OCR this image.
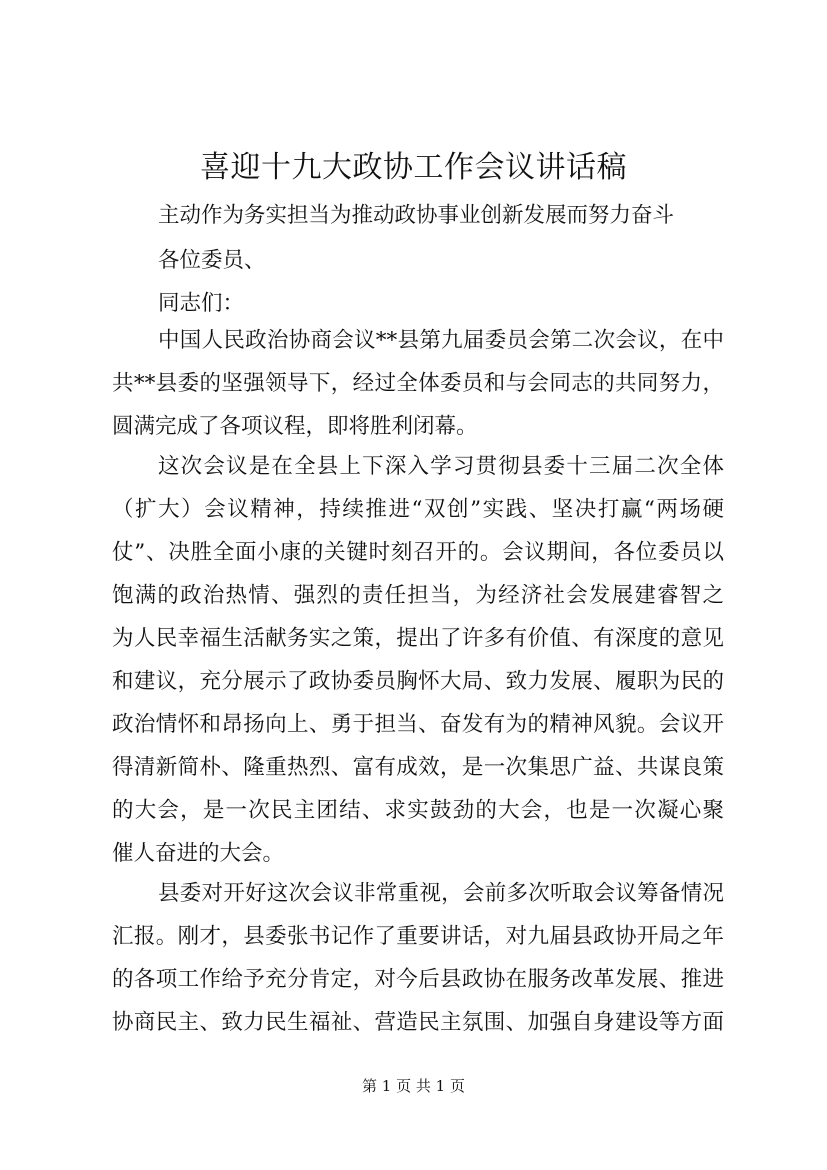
喜迎十九大政协工作会议讲话稿

主动作为务实担当为推动政协事业创新发展而努力奋斗

各位委员、

同志们：

中国人民政治协商会议**县第九届委员会第二次会议，在中

共**县委的坚强领导下，经过全体委员和与会同志的共同努力，

圆满完成了各项议程，即将胜利闭幕。

这次会议是在全县上下深入学习贯彻县委十三届二次全体

（扩大）会议精神，持续推进“双创”实践、坚决打赢“两场硬

仗”、决胜全面小康的关键时刻召开的。会议期间，各位委员以

饱满的政治热情、强烈的责任担当，为经济社会发展建睿智之

为人民幸福生活献务实之策，提出了许多有价值、有深度的意见

和建议，充分展示了政协委员胸怀大局、致力发展、履职为民的

政治情怀和昂扬向上、勇于担当、奋发有为的精神风貌。会议开

得清新简朴、隆重热烈、富有成效，是一次集思广益、共谋良策

的大会，是一次民主团结、求实鼓劲的大会，也是一次凝心聚

催人奋进的大会。

县委对开好这次会议非常重视，会前多次听取会议筹备情况

汇报。刚才，县委张书记作了重要讲话，对九届县政协开局之年

的各项工作给予充分肯定，对今后县政协在服务改革发展、推进

协商民主、致力民生福祉、营造民主氛围、加强自身建设等方面

第 1 页 共 1 页
